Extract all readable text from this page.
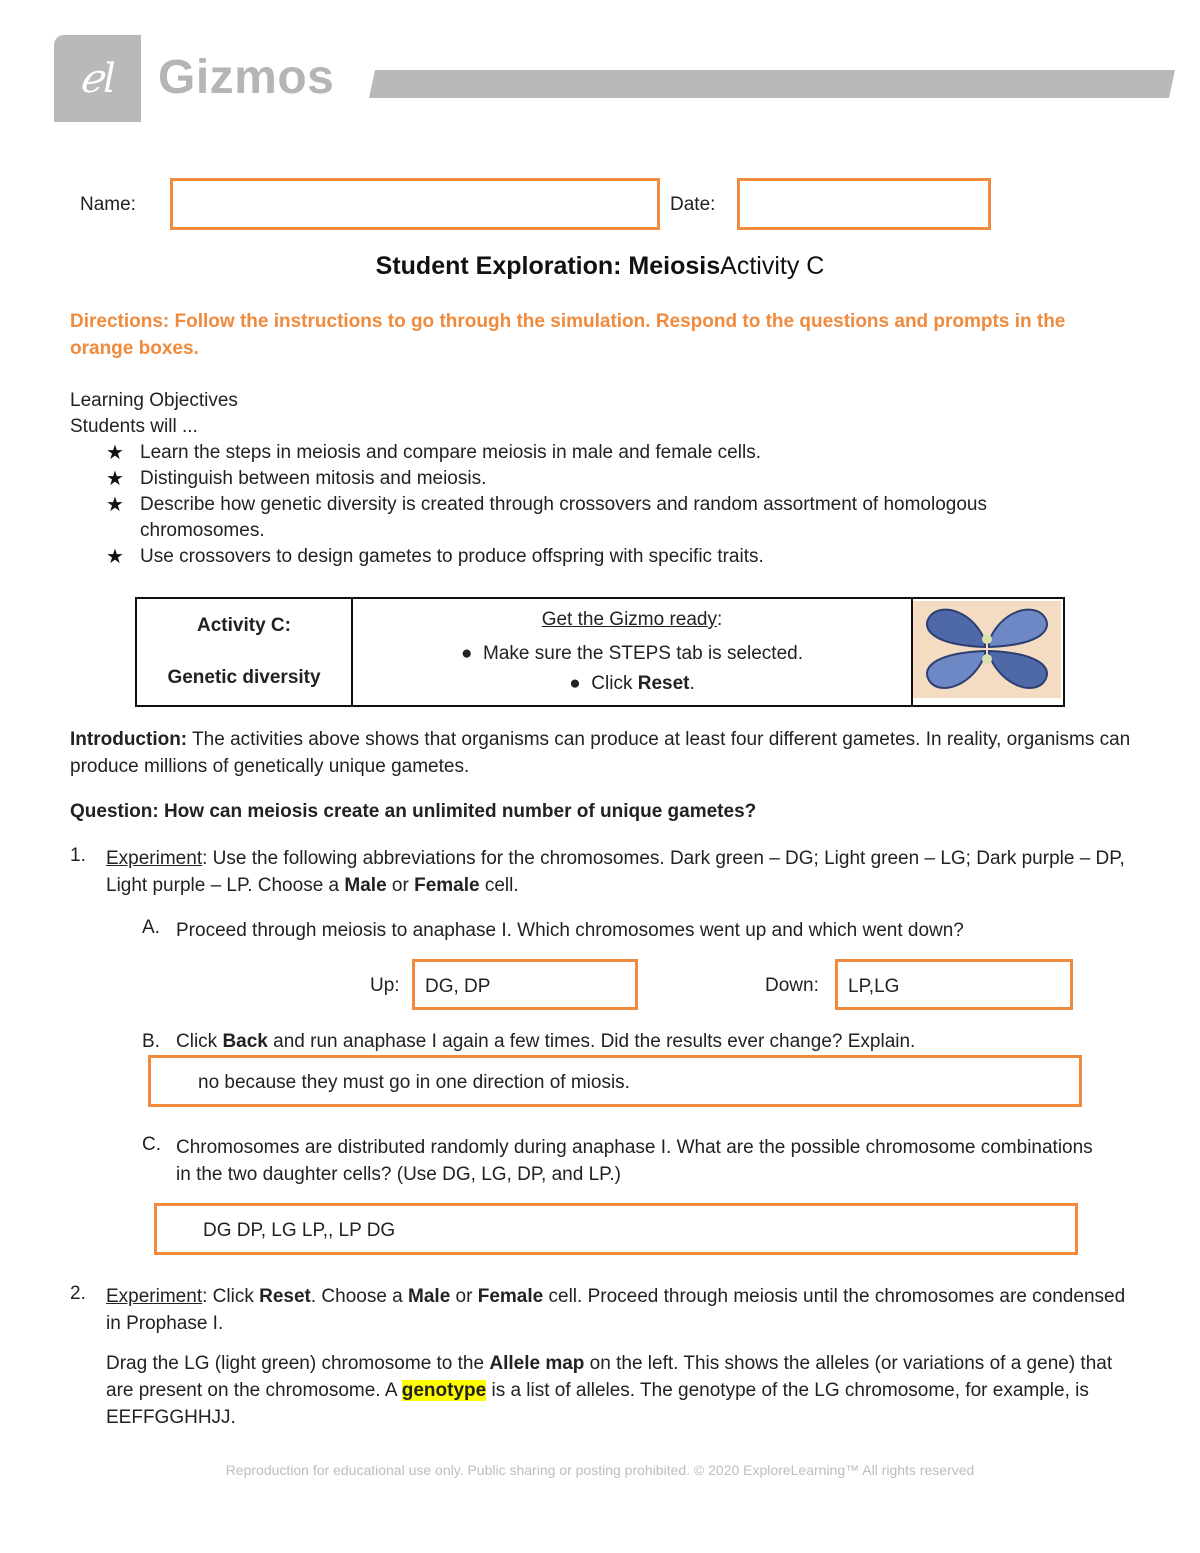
ℯl Gizmos
Name:	Date:
Student Exploration: MeiosisActivity C
Directions: Follow the instructions to go through the simulation. Respond to the questions and prompts in the orange boxes.
Learning Objectives
Students will ...
★ Learn the steps in meiosis and compare meiosis in male and female cells.
★ Distinguish between mitosis and meiosis.
★ Describe how genetic diversity is created through crossovers and random assortment of homologous chromosomes.
★ Use crossovers to design gametes to produce offspring with specific traits.
Activity C:
Genetic diversity

Get the Gizmo ready:
● Make sure the STEPS tab is selected.
● Click Reset.

Introduction: The activities above shows that organisms can produce at least four different gametes. In reality, organisms can produce millions of genetically unique gametes.
Question: How can meiosis create an unlimited number of unique gametes?
1. Experiment: Use the following abbreviations for the chromosomes. Dark green – DG; Light green – LG; Dark purple – DP, Light purple – LP. Choose a Male or Female cell.
A. Proceed through meiosis to anaphase I. Which chromosomes went up and which went down?
Up:	DG, DP	Down:	LP,LG
B. Click Back and run anaphase I again a few times. Did the results ever change? Explain.
no because they must go in one direction of miosis.
C. Chromosomes are distributed randomly during anaphase I. What are the possible chromosome combinations in the two daughter cells? (Use DG, LG, DP, and LP.)
DG DP, LG LP,, LP DG
2. Experiment: Click Reset. Choose a Male or Female cell. Proceed through meiosis until the chromosomes are condensed in Prophase I.
Drag the LG (light green) chromosome to the Allele map on the left. This shows the alleles (or variations of a gene) that are present on the chromosome. A genotype is a list of alleles. The genotype of the LG chromosome, for example, is EEFFGGHHJJ.
Reproduction for educational use only. Public sharing or posting prohibited. © 2020 ExploreLearning™ All rights reserved
